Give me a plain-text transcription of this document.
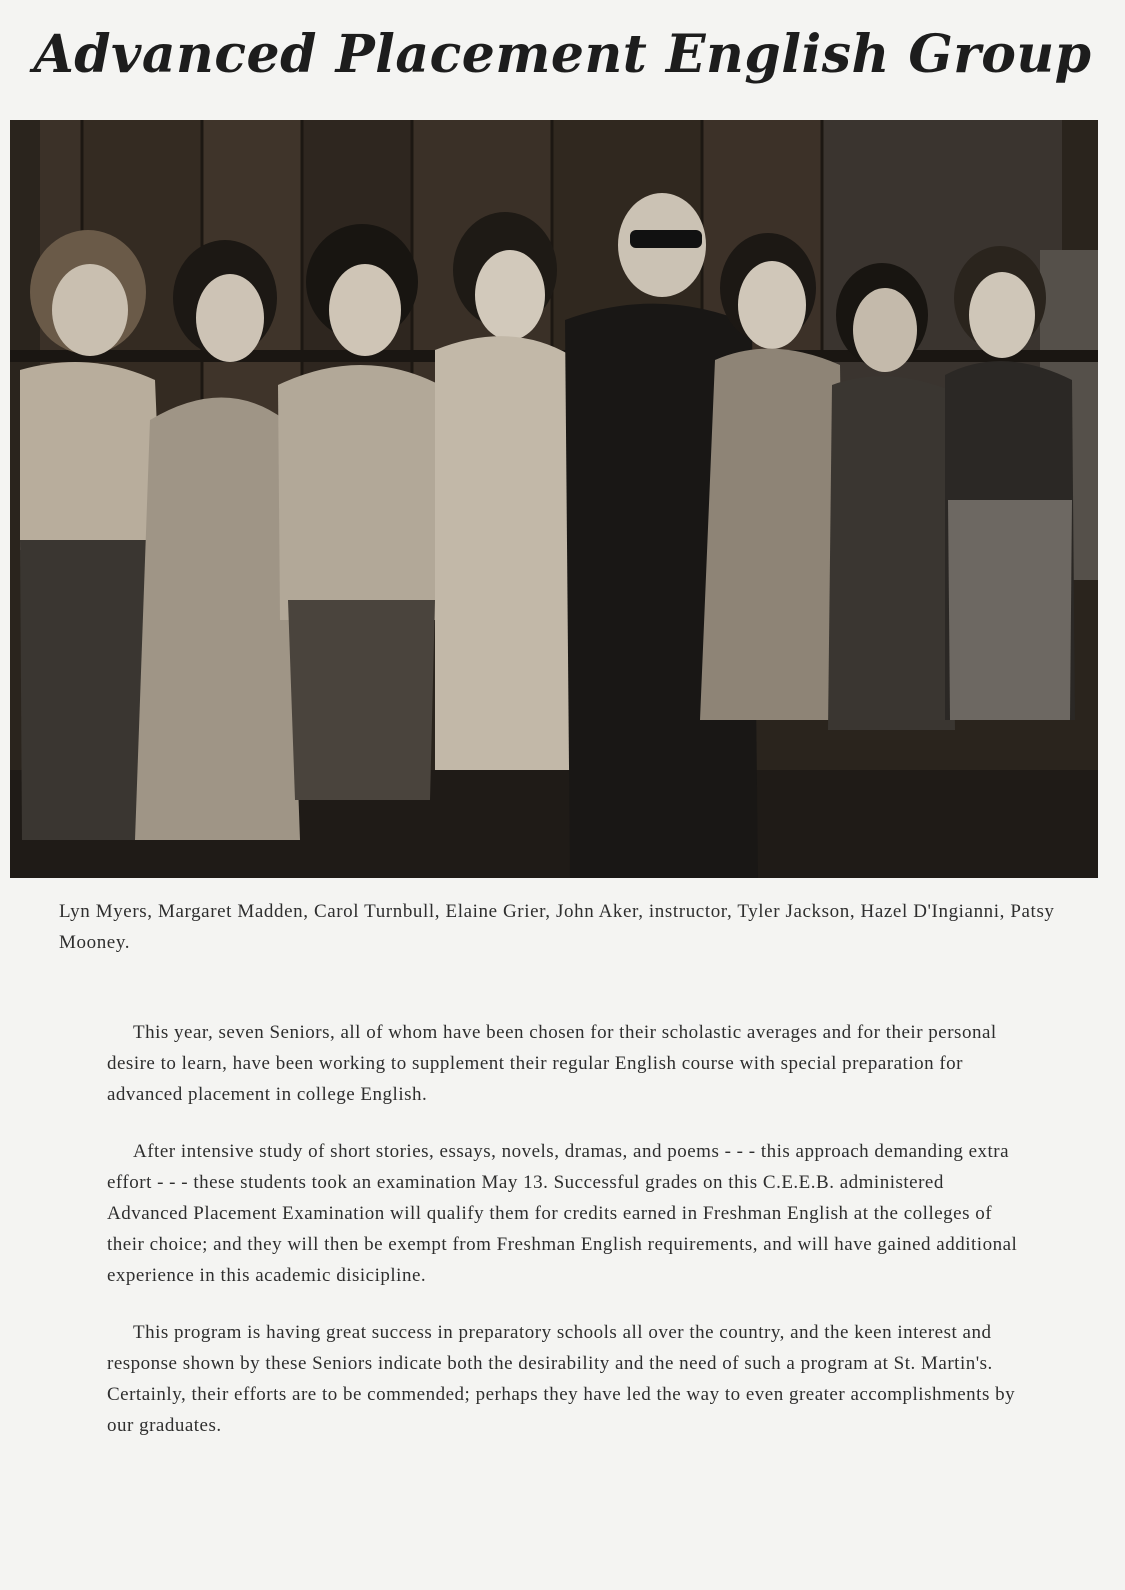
Advanced Placement English Group

Lyn Myers, Margaret Madden, Carol Turnbull, Elaine Grier, John Aker, instructor, Tyler Jackson, Hazel D'Ingianni, Patsy Mooney.

This year, seven Seniors, all of whom have been chosen for their scholastic averages and for their personal desire to learn, have been working to supplement their regular English course with special preparation for advanced placement in college English.

After intensive study of short stories, essays, novels, dramas, and poems - - - this approach demanding extra effort - - - these students took an examination May 13. Successful grades on this C.E.E.B. administered Advanced Placement Examination will qualify them for credits earned in Freshman English at the colleges of their choice; and they will then be exempt from Freshman English requirements, and will have gained additional experience in this academic disicipline.

This program is having great success in preparatory schools all over the country, and the keen interest and response shown by these Seniors indicate both the desirability and the need of such a program at St. Martin's. Certainly, their efforts are to be commended; perhaps they have led the way to even greater accomplishments by our graduates.
